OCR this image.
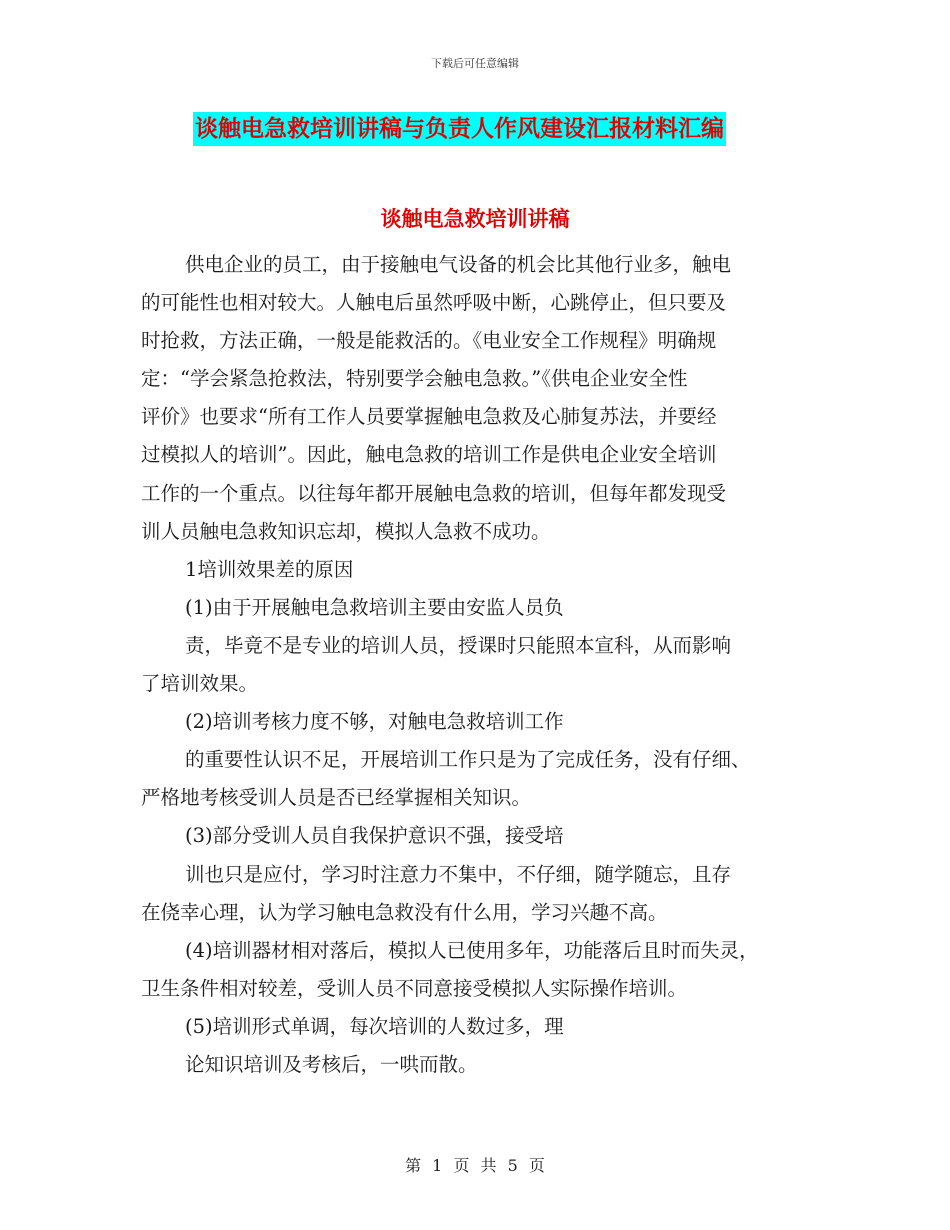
下载后可任意编辑
谈触电急救培训讲稿与负责人作风建设汇报材料汇编
谈触电急救培训讲稿
供电企业的员工，由于接触电气设备的机会比其他行业多，触电
的可能性也相对较大。人触电后虽然呼吸中断，心跳停止，但只要及
时抢救，方法正确，一般是能救活的。《电业安全工作规程》明确规
定：“学会紧急抢救法，特别要学会触电急救。”《供电企业安全性
评价》也要求“所有工作人员要掌握触电急救及心肺复苏法，并要经
过模拟人的培训”。因此，触电急救的培训工作是供电企业安全培训
工作的一个重点。以往每年都开展触电急救的培训，但每年都发现受
训人员触电急救知识忘却，模拟人急救不成功。
1培训效果差的原因
(1)由于开展触电急救培训主要由安监人员负
责，毕竟不是专业的培训人员，授课时只能照本宣科，从而影响
了培训效果。
(2)培训考核力度不够，对触电急救培训工作
的重要性认识不足，开展培训工作只是为了完成任务，没有仔细、
严格地考核受训人员是否已经掌握相关知识。
(3)部分受训人员自我保护意识不强，接受培
训也只是应付，学习时注意力不集中，不仔细，随学随忘，且存
在侥幸心理，认为学习触电急救没有什么用，学习兴趣不高。
(4)培训器材相对落后，模拟人已使用多年，功能落后且时而失灵，
卫生条件相对较差，受训人员不同意接受模拟人实际操作培训。
(5)培训形式单调，每次培训的人数过多，理
论知识培训及考核后，一哄而散。
第 1 页 共 5 页
